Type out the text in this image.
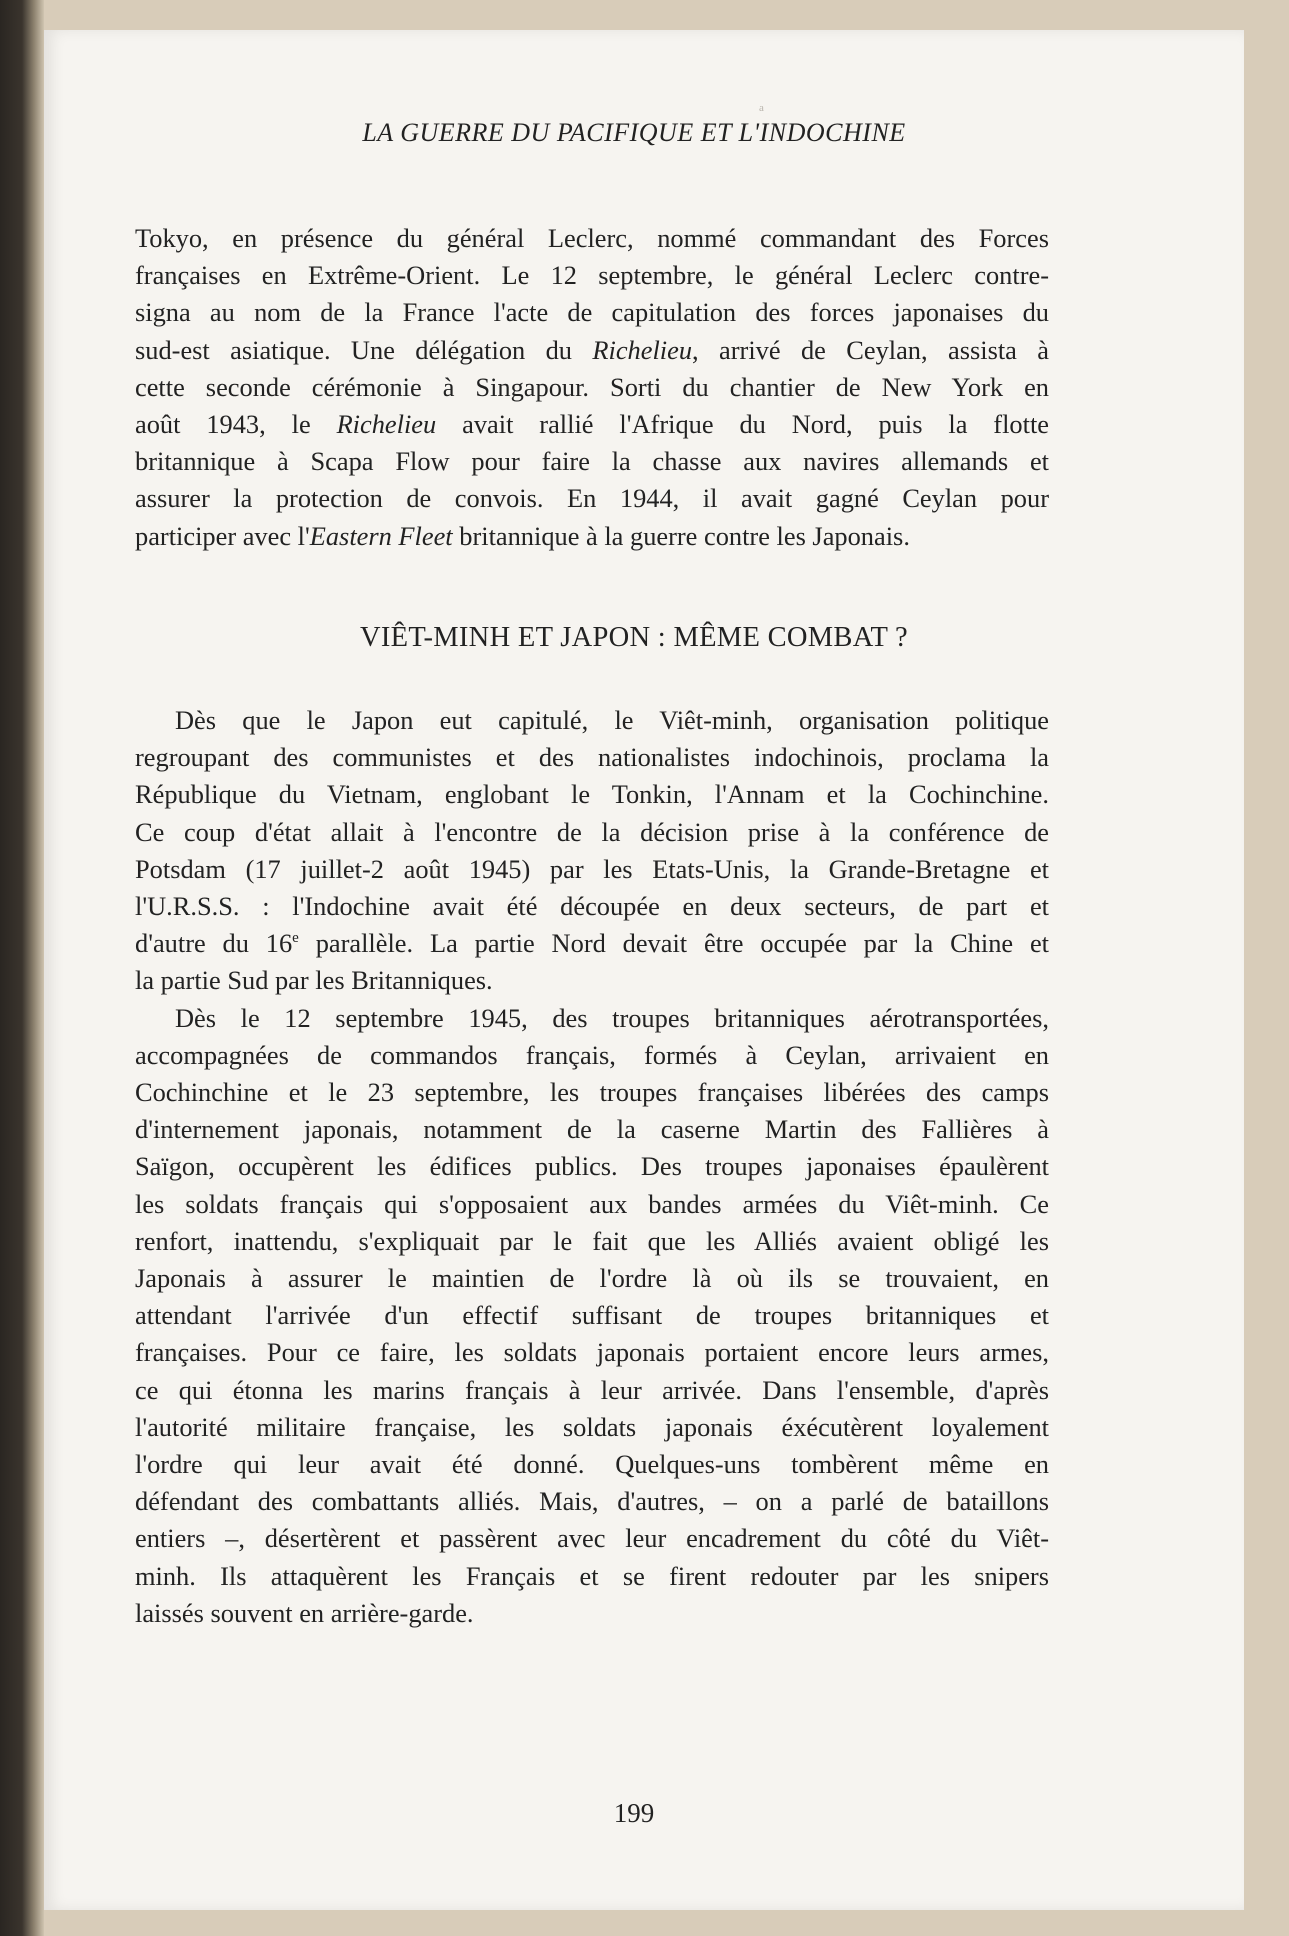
a
LA GUERRE DU PACIFIQUE ET L'INDOCHINE

Tokyo, en présence du général Leclerc, nommé commandant des Forces

françaises en Extrême-Orient. Le 12 septembre, le général Leclerc contre-

signa au nom de la France l'acte de capitulation des forces japonaises du

sud-est asiatique. Une délégation du Richelieu, arrivé de Ceylan, assista à

cette seconde cérémonie à Singapour. Sorti du chantier de New York en

août 1943, le Richelieu avait rallié l'Afrique du Nord, puis la flotte

britannique à Scapa Flow pour faire la chasse aux navires allemands et

assurer la protection de convois. En 1944, il avait gagné Ceylan pour

participer avec l'Eastern Fleet britannique à la guerre contre les Japonais.

VIÊT-MINH ET JAPON : MÊME COMBAT ?

Dès que le Japon eut capitulé, le Viêt-minh, organisation politique

regroupant des communistes et des nationalistes indochinois, proclama la

République du Vietnam, englobant le Tonkin, l'Annam et la Cochinchine.

Ce coup d'état allait à l'encontre de la décision prise à la conférence de

Potsdam (17 juillet-2 août 1945) par les Etats-Unis, la Grande-Bretagne et

l'U.R.S.S. : l'Indochine avait été découpée en deux secteurs, de part et

d'autre du 16e parallèle. La partie Nord devait être occupée par la Chine et

la partie Sud par les Britanniques.

Dès le 12 septembre 1945, des troupes britanniques aérotransportées,

accompagnées de commandos français, formés à Ceylan, arrivaient en

Cochinchine et le 23 septembre, les troupes françaises libérées des camps

d'internement japonais, notamment de la caserne Martin des Fallières à

Saïgon, occupèrent les édifices publics. Des troupes japonaises épaulèrent

les soldats français qui s'opposaient aux bandes armées du Viêt-minh. Ce

renfort, inattendu, s'expliquait par le fait que les Alliés avaient obligé les

Japonais à assurer le maintien de l'ordre là où ils se trouvaient, en

attendant l'arrivée d'un effectif suffisant de troupes britanniques et

françaises. Pour ce faire, les soldats japonais portaient encore leurs armes,

ce qui étonna les marins français à leur arrivée. Dans l'ensemble, d'après

l'autorité militaire française, les soldats japonais éxécutèrent loyalement

l'ordre qui leur avait été donné. Quelques-uns tombèrent même en

défendant des combattants alliés. Mais, d'autres, – on a parlé de bataillons

entiers –, désertèrent et passèrent avec leur encadrement du côté du Viêt-

minh. Ils attaquèrent les Français et se firent redouter par les snipers

laissés souvent en arrière-garde.

199
